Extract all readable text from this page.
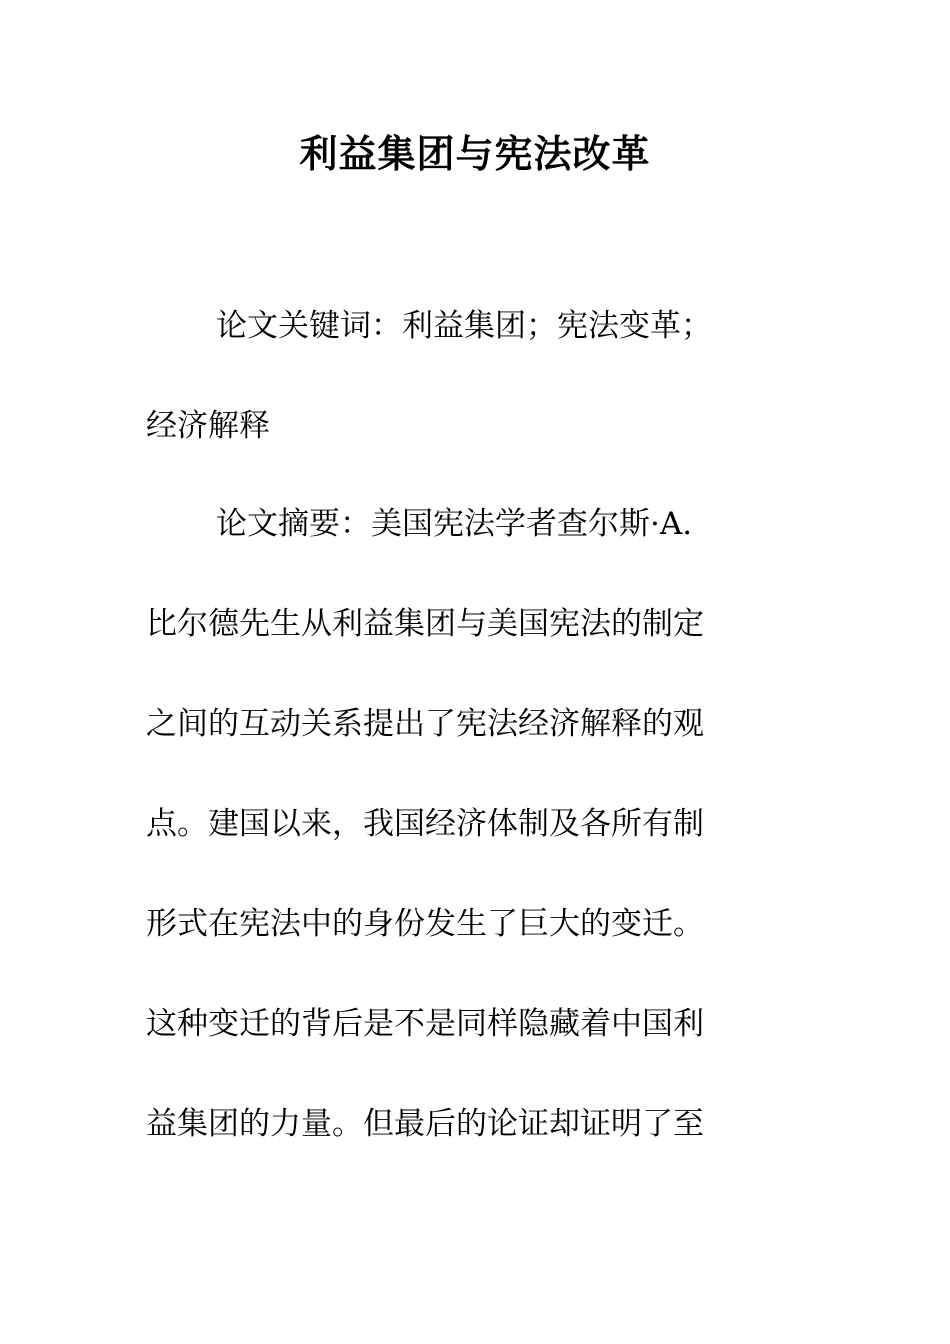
利益集团与宪法改革
论文关键词：利益集团；宪法变革；
经济解释
论文摘要：美国宪法学者查尔斯·A.
比尔德先生从利益集团与美国宪法的制定
之间的互动关系提出了宪法经济解释的观
点。建国以来，我国经济体制及各所有制
形式在宪法中的身份发生了巨大的变迁。
这种变迁的背后是不是同样隐藏着中国利
益集团的力量。但最后的论证却证明了至
